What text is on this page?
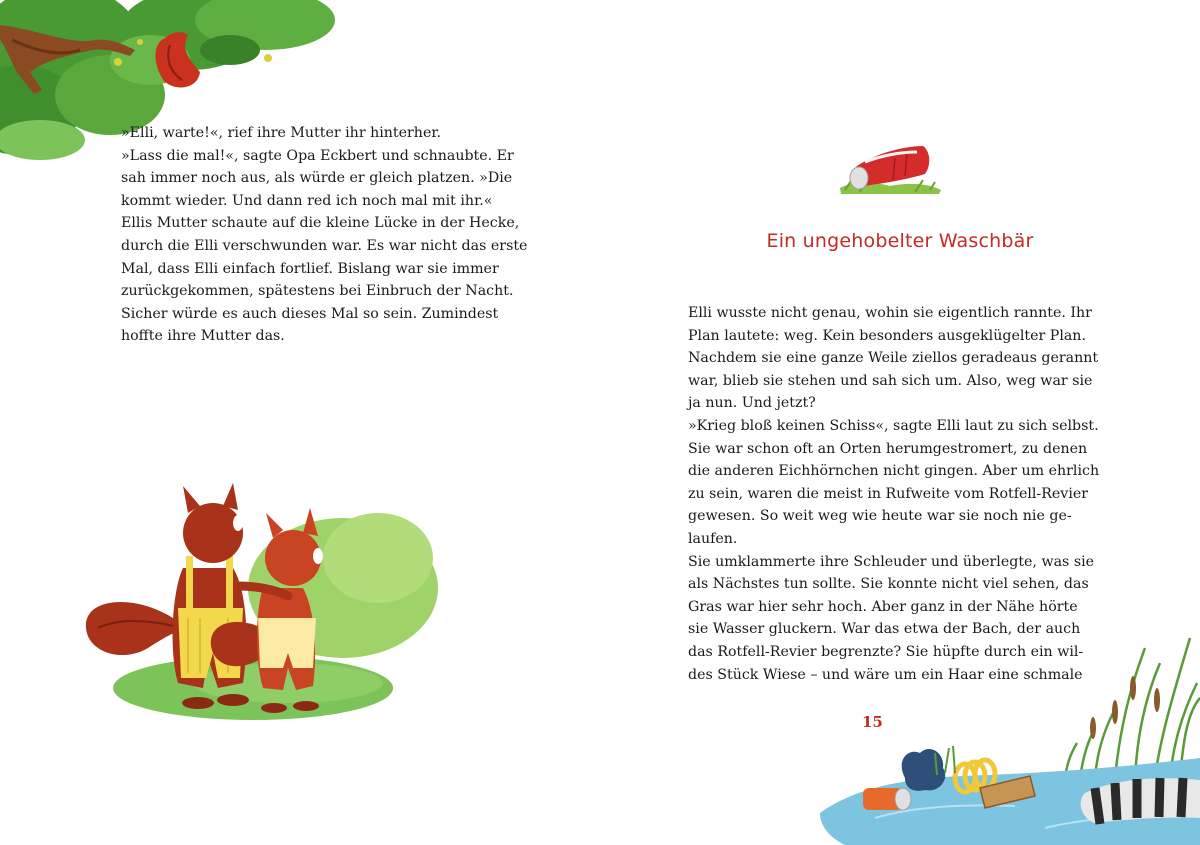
»Elli, warte!«, rief ihre Mutter ihr hinterher.
»Lass die mal!«, sagte Opa Eckbert und schnaubte. Er
sah immer noch aus, als würde er gleich platzen. »Die
kommt wieder. Und dann red ich noch mal mit ihr.«
Ellis Mutter schaute auf die kleine Lücke in der Hecke,
durch die Elli verschwunden war. Es war nicht das erste
Mal, dass Elli einfach fortlief. Bislang war sie immer
zurückgekommen, spätestens bei Einbruch der Nacht.
Sicher würde es auch dieses Mal so sein. Zumindest
hoffte ihre Mutter das.
Ein ungehobelter Waschbär
Elli wusste nicht genau, wohin sie eigentlich rannte. Ihr
Plan lautete: weg. Kein besonders ausgeklügelter Plan.
Nachdem sie eine ganze Weile ziellos geradeaus gerannt
war, blieb sie stehen und sah sich um. Also, weg war sie
ja nun. Und jetzt?
»Krieg bloß keinen Schiss«, sagte Elli laut zu sich selbst.
Sie war schon oft an Orten herumgestromert, zu denen
die anderen Eichhörnchen nicht gingen. Aber um ehrlich
zu sein, waren die meist in Rufweite vom Rotfell-Revier
gewesen. So weit weg wie heute war sie noch nie ge-
laufen.
Sie umklammerte ihre Schleuder und überlegte, was sie
als Nächstes tun sollte. Sie konnte nicht viel sehen, das
Gras war hier sehr hoch. Aber ganz in der Nähe hörte
sie Wasser gluckern. War das etwa der Bach, der auch
das Rotfell-Revier begrenzte? Sie hüpfte durch ein wil-
des Stück Wiese – und wäre um ein Haar eine schmale
15
